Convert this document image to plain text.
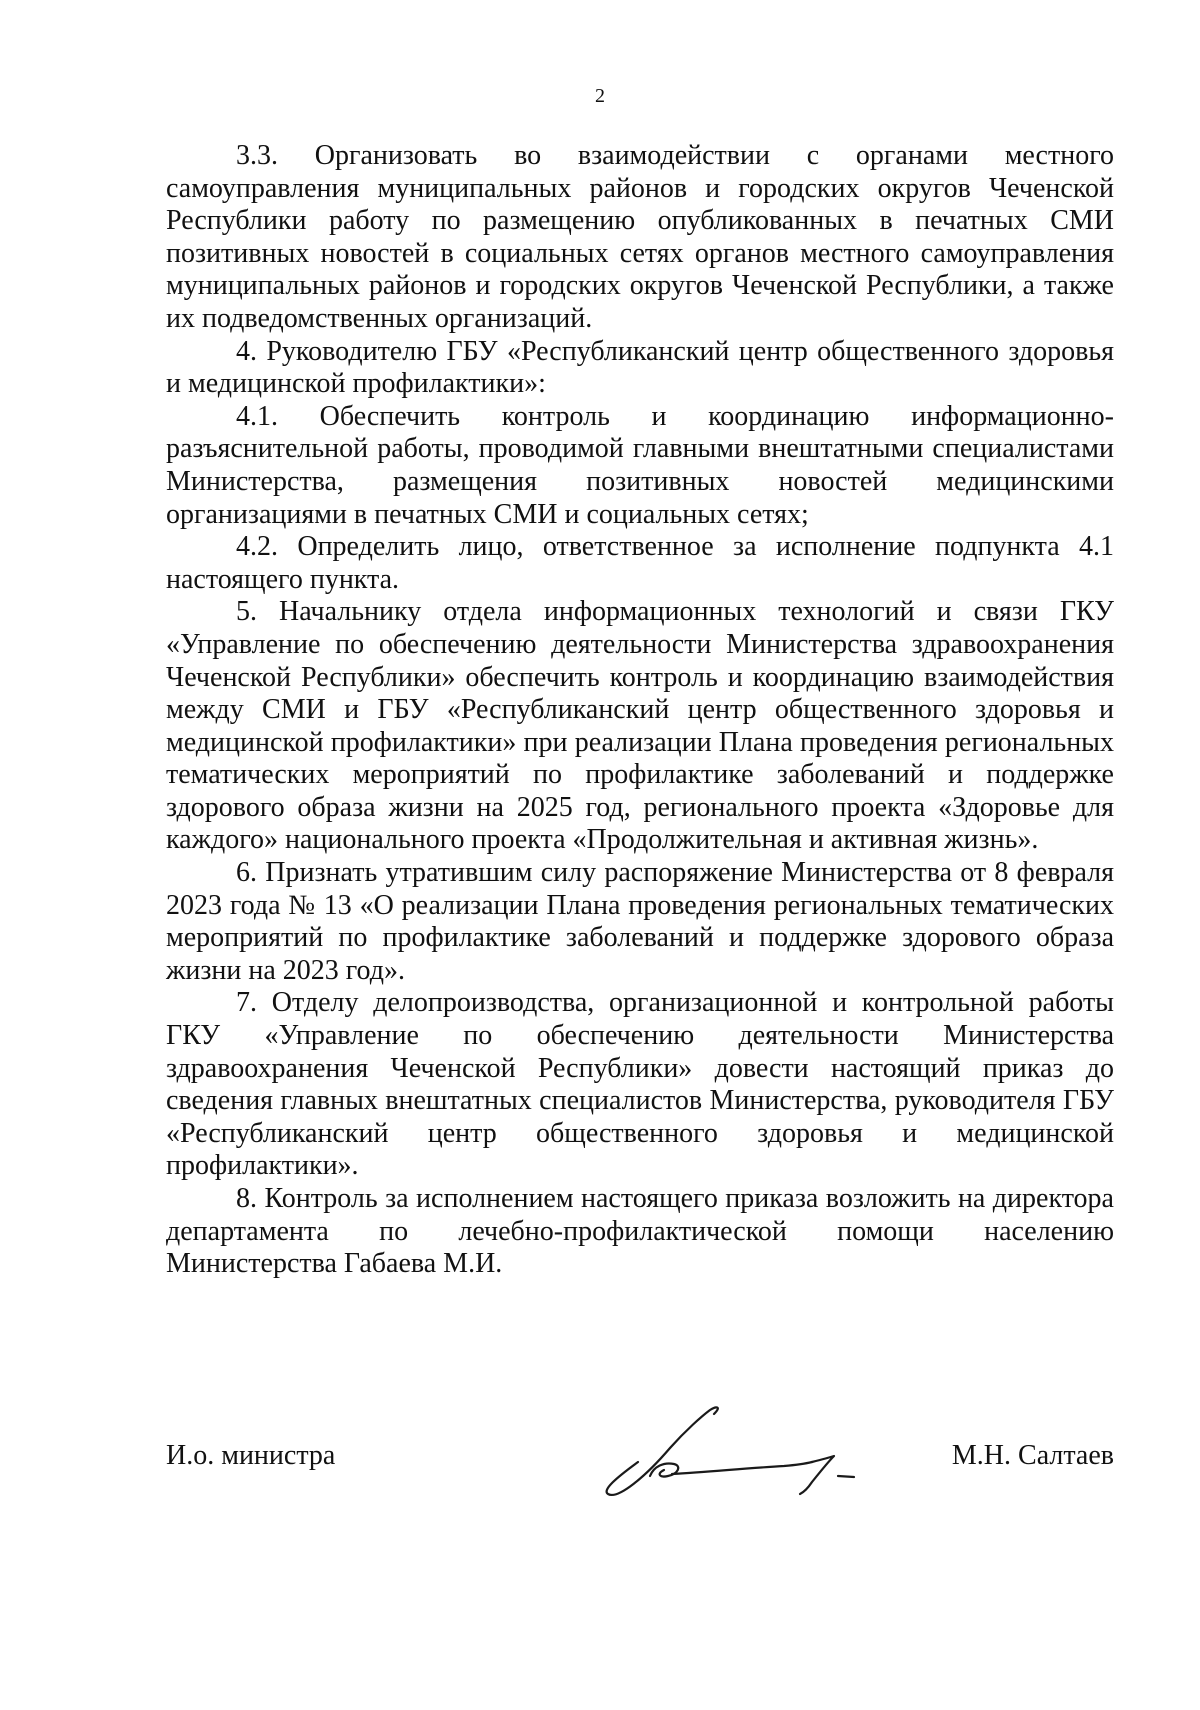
2

3.3. Организовать во взаимодействии с органами местного самоуправления муниципальных районов и городских округов Чеченской Республики работу по размещению опубликованных в печатных СМИ позитивных новостей в социальных сетях органов местного самоуправления муниципальных районов и городских округов Чеченской Республики, а также их подведомственных организаций.

4. Руководителю ГБУ «Республиканский центр общественного здоровья и медицинской профилактики»:

4.1. Обеспечить контроль и координацию информационно-разъяснительной работы, проводимой главными внештатными специалистами Министерства, размещения позитивных новостей медицинскими организациями в печатных СМИ и социальных сетях;

4.2. Определить лицо, ответственное за исполнение подпункта 4.1 настоящего пункта.

5. Начальнику отдела информационных технологий и связи ГКУ «Управление по обеспечению деятельности Министерства здравоохранения Чеченской Республики» обеспечить контроль и координацию взаимодействия между СМИ и ГБУ «Республиканский центр общественного здоровья и медицинской профилактики» при реализации Плана проведения региональных тематических мероприятий по профилактике заболеваний и поддержке здорового образа жизни на 2025 год, регионального проекта «Здоровье для каждого» национального проекта «Продолжительная и активная жизнь».

6. Признать утратившим силу распоряжение Министерства от 8 февраля 2023 года № 13 «О реализации Плана проведения региональных тематических мероприятий по профилактике заболеваний и поддержке здорового образа жизни на 2023 год».

7. Отделу делопроизводства, организационной и контрольной работы ГКУ «Управление по обеспечению деятельности Министерства здравоохранения Чеченской Республики» довести настоящий приказ до сведения главных внештатных специалистов Министерства, руководителя ГБУ «Республиканский центр общественного здоровья и медицинской профилактики».

8. Контроль за исполнением настоящего приказа возложить на директора департамента по лечебно-профилактической помощи населению Министерства Габаева М.И.

И.о. министра	М.Н. Салтаев
